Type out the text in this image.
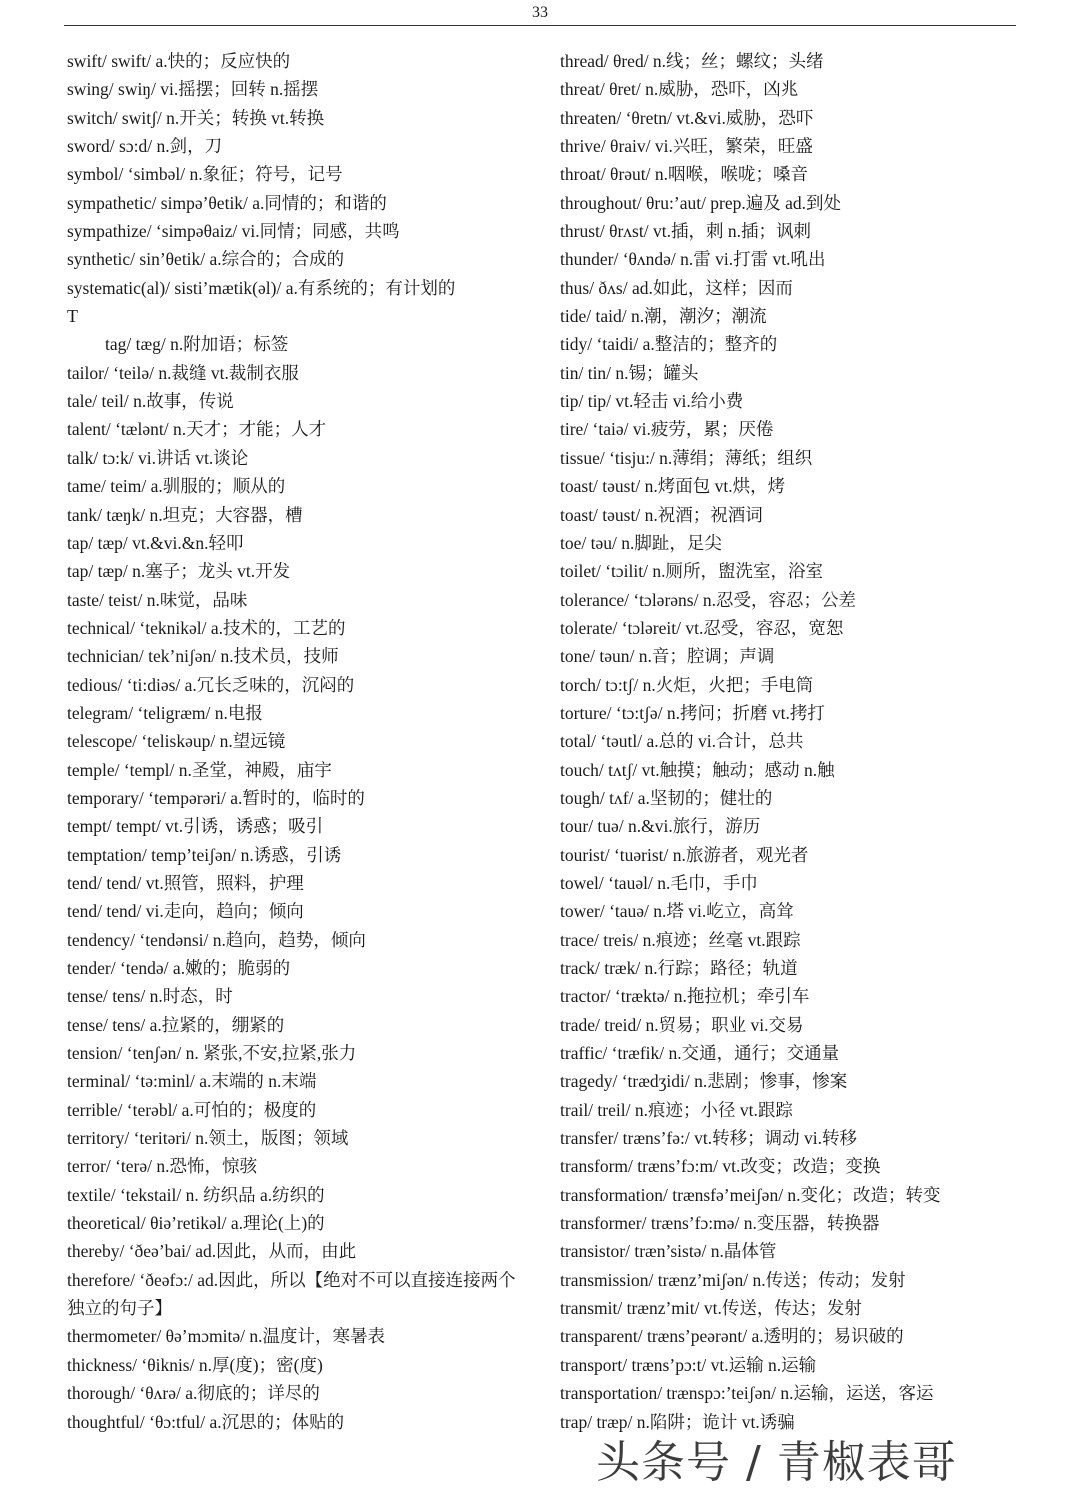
33
swift/ swift/ a.快的；反应快的
swing/ swiŋ/ vi.摇摆；回转 n.摇摆
switch/ switʃ/ n.开关；转换 vt.转换
sword/ sɔ:d/ n.剑，刀
symbol/ ‘simbəl/ n.象征；符号，记号
sympathetic/ simpə’θetik/ a.同情的；和谐的
sympathize/ ‘simpəθaiz/ vi.同情；同感，共鸣
synthetic/ sin’θetik/ a.综合的；合成的
systematic(al)/ sisti’mætik(əl)/ a.有系统的；有计划的
T
tag/ tæg/ n.附加语；标签
tailor/ ‘teilə/ n.裁缝 vt.裁制衣服
tale/ teil/ n.故事，传说
talent/ ‘tælənt/ n.天才；才能；人才
talk/ tɔ:k/ vi.讲话 vt.谈论
tame/ teim/ a.驯服的；顺从的
tank/ tæŋk/ n.坦克；大容器，槽
tap/ tæp/ vt.&vi.&n.轻叩
tap/ tæp/ n.塞子；龙头 vt.开发
taste/ teist/ n.味觉，品味
technical/ ‘teknikəl/ a.技术的，工艺的
technician/ tek’niʃən/ n.技术员，技师
tedious/ ‘ti:diəs/ a.冗长乏味的，沉闷的
telegram/ ‘teligræm/ n.电报
telescope/ ‘teliskəup/ n.望远镜
temple/ ‘templ/ n.圣堂，神殿，庙宇
temporary/ ‘tempərəri/ a.暂时的，临时的
tempt/ tempt/ vt.引诱，诱惑；吸引
temptation/ temp’teiʃən/ n.诱惑，引诱
tend/ tend/ vt.照管，照料，护理
tend/ tend/ vi.走向，趋向；倾向
tendency/ ‘tendənsi/ n.趋向，趋势，倾向
tender/ ‘tendə/ a.嫩的；脆弱的
tense/ tens/ n.时态，时
tense/ tens/ a.拉紧的，绷紧的
tension/ ‘tenʃən/ n. 紧张,不安,拉紧,张力
terminal/ ‘tə:minl/ a.末端的 n.末端
terrible/ ‘terəbl/ a.可怕的；极度的
territory/ ‘teritəri/ n.领土，版图；领域
terror/ ‘terə/ n.恐怖，惊骇
textile/ ‘tekstail/ n. 纺织品 a.纺织的
theoretical/ θiə’retikəl/ a.理论(上)的
thereby/ ‘ðeə’bai/ ad.因此，从而，由此
therefore/ ‘ðeəfɔ:/ ad.因此，所以【绝对不可以直接连接两个独立的句子】
thermometer/ θə’mɔmitə/ n.温度计，寒暑表
thickness/ ‘θiknis/ n.厚(度)；密(度)
thorough/ ‘θʌrə/ a.彻底的；详尽的
thoughtful/ ‘θɔ:tful/ a.沉思的；体贴的
thread/ θred/ n.线；丝；螺纹；头绪
threat/ θret/ n.威胁，恐吓，凶兆
threaten/ ‘θretn/ vt.&vi.威胁，恐吓
thrive/ θraiv/ vi.兴旺，繁荣，旺盛
throat/ θrəut/ n.咽喉，喉咙；嗓音
throughout/ θru:’aut/ prep.遍及 ad.到处
thrust/ θrʌst/ vt.插，刺 n.插；讽刺
thunder/ ‘θʌndə/ n.雷 vi.打雷 vt.吼出
thus/ ðʌs/ ad.如此，这样；因而
tide/ taid/ n.潮，潮汐；潮流
tidy/ ‘taidi/ a.整洁的；整齐的
tin/ tin/ n.锡；罐头
tip/ tip/ vt.轻击 vi.给小费
tire/ ‘taiə/ vi.疲劳，累；厌倦
tissue/ ‘tisju:/ n.薄绢；薄纸；组织
toast/ təust/ n.烤面包 vt.烘，烤
toast/ təust/ n.祝酒；祝酒词
toe/ təu/ n.脚趾，足尖
toilet/ ‘tɔilit/ n.厕所，盥洗室，浴室
tolerance/ ‘tɔlərəns/ n.忍受，容忍；公差
tolerate/ ‘tɔləreit/ vt.忍受，容忍，宽恕
tone/ təun/ n.音；腔调；声调
torch/ tɔ:tʃ/ n.火炬，火把；手电筒
torture/ ‘tɔ:tʃə/ n.拷问；折磨 vt.拷打
total/ ‘təutl/ a.总的 vi.合计，总共
touch/ tʌtʃ/ vt.触摸；触动；感动 n.触
tough/ tʌf/ a.坚韧的；健壮的
tour/ tuə/ n.&vi.旅行，游历
tourist/ ‘tuərist/ n.旅游者，观光者
towel/ ‘tauəl/ n.毛巾，手巾
tower/ ‘tauə/ n.塔 vi.屹立，高耸
trace/ treis/ n.痕迹；丝毫 vt.跟踪
track/ træk/ n.行踪；路径；轨道
tractor/ ‘træktə/ n.拖拉机；牵引车
trade/ treid/ n.贸易；职业 vi.交易
traffic/ ‘træfik/ n.交通，通行；交通量
tragedy/ ‘trædʒidi/ n.悲剧；惨事，惨案
trail/ treil/ n.痕迹；小径 vt.跟踪
transfer/ træns’fə:/ vt.转移；调动 vi.转移
transform/ træns’fɔ:m/ vt.改变；改造；变换
transformation/ trænsfə’meiʃən/ n.变化；改造；转变
transformer/ træns’fɔ:mə/ n.变压器，转换器
transistor/ træn’sistə/ n.晶体管
transmission/ trænz’miʃən/ n.传送；传动；发射
transmit/ trænz’mit/ vt.传送，传达；发射
transparent/ træns’peərənt/ a.透明的；易识破的
transport/ træns’pɔ:t/ vt.运输 n.运输
transportation/ trænspɔ:’teiʃən/ n.运输，运送，客运
trap/ træp/ n.陷阱；诡计 vt.诱骗
头条号 / 青椒表哥
